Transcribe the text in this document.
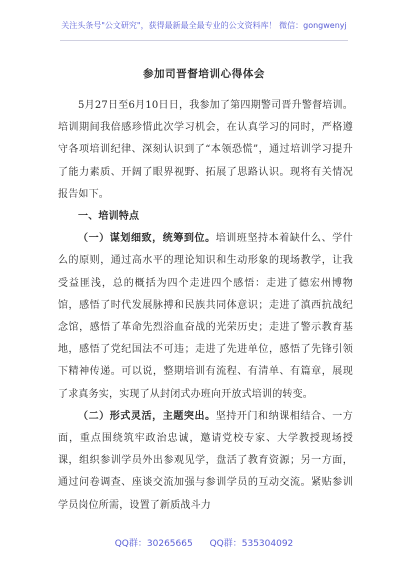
关注头条号"公文研究"，获得最新最全最专业的公文资料库！ 微信：gongwenyj
参加司晋督培训心得体会

5月27日至6月10日日，我参加了第四期警司晋升警督培训。培训期间我倍感珍惜此次学习机会，在认真学习的同时，严格遵守各项培训纪律、深刻认识到了“本领恐慌”，通过培训学习提升了能力素质、开阔了眼界视野、拓展了思路认识。现将有关情况报告如下。

一、培训特点

（一）谋划细致，统筹到位。培训班坚持本着缺什么、学什么的原则，通过高水平的理论知识和生动形象的现场教学，让我受益匪浅，总的概括为四个走进四个感悟：走进了德宏州博物馆，感悟了时代发展脉搏和民族共同体意识；走进了滇西抗战纪念馆，感悟了革命先烈浴血奋战的光荣历史；走进了警示教育基地，感悟了党纪国法不可违；走进了先进单位，感悟了先锋引领下精神传递。可以说，整期培训有流程、有清单、有篇章，展现了求真务实，实现了从封闭式办班向开放式培训的转变。

（二）形式灵活，主题突出。坚持开门和纳课相结合、一方面，重点围绕筑牢政治忠诚，邀请党校专家、大学教授现场授课，组织参训学员外出参观见学，盘活了教育资源；另一方面，通过问卷调查、座谈交流加强与参训学员的互动交流。紧贴参训学员岗位所需，设置了新质战斗力

QQ群：30265665 QQ群：535304092
